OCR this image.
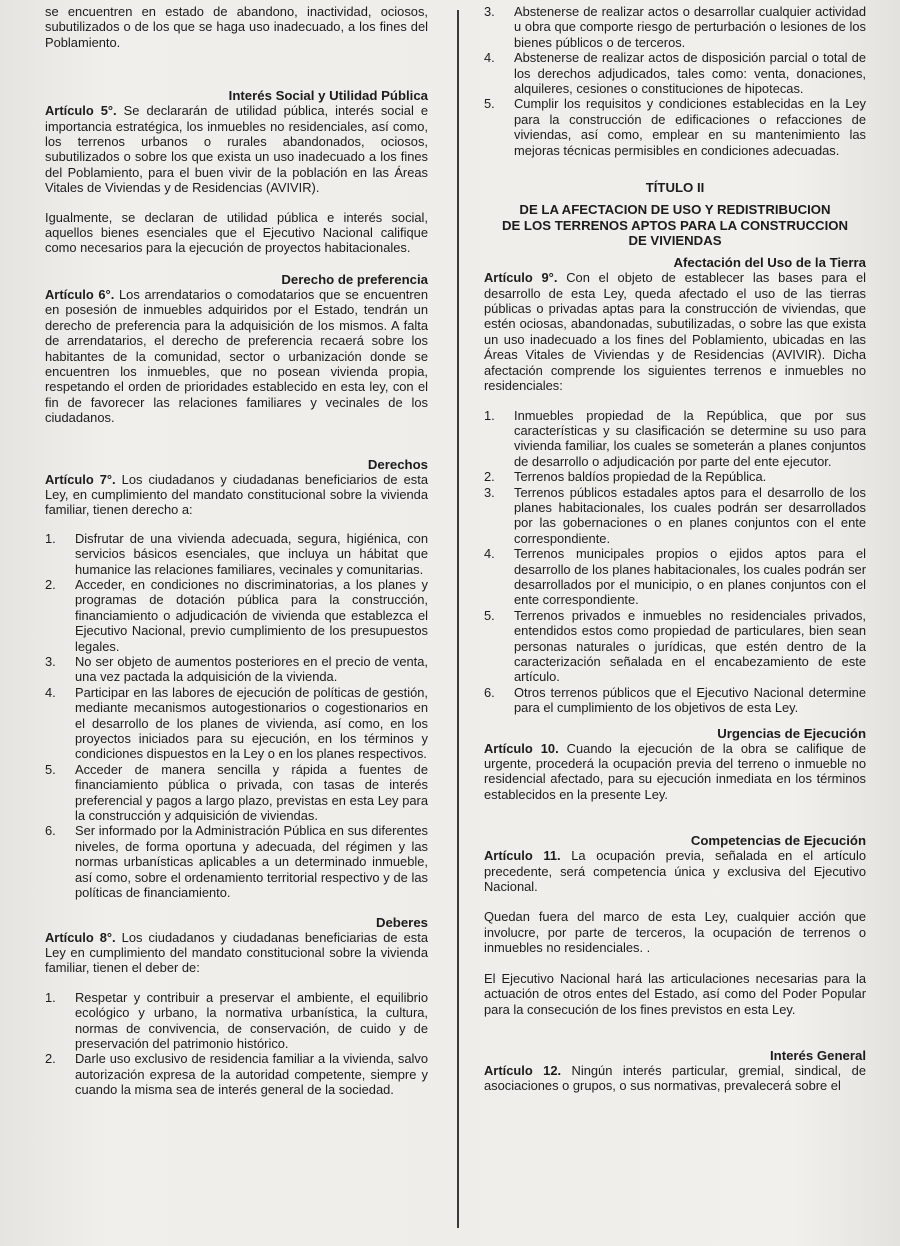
se encuentren en estado de abandono, inactividad, ociosos, subutilizados o de los que se haga uso inadecuado, a los fines del Poblamiento.

Interés Social y Utilidad Pública

Artículo 5°. Se declararán de utilidad pública, interés social e importancia estratégica, los inmuebles no residenciales, así como, los terrenos urbanos o rurales abandonados, ociosos, subutilizados o sobre los que exista un uso inadecuado a los fines del Poblamiento, para el buen vivir de la población en las Áreas Vitales de Viviendas y de Residencias (AVIVIR).

Igualmente, se declaran de utilidad pública e interés social, aquellos bienes esenciales que el Ejecutivo Nacional califique como necesarios para la ejecución de proyectos habitacionales.

Derecho de preferencia

Artículo 6°. Los arrendatarios o comodatarios que se encuentren en posesión de inmuebles adquiridos por el Estado, tendrán un derecho de preferencia para la adquisición de los mismos. A falta de arrendatarios, el derecho de preferencia recaerá sobre los habitantes de la comunidad, sector o urbanización donde se encuentren los inmuebles, que no posean vivienda propia, respetando el orden de prioridades establecido en esta ley, con el fin de favorecer las relaciones familiares y vecinales de los ciudadanos.

Derechos

Artículo 7°. Los ciudadanos y ciudadanas beneficiarios de esta Ley, en cumplimiento del mandato constitucional sobre la vivienda familiar, tienen derecho a:

1. Disfrutar de una vivienda adecuada, segura, higiénica, con servicios básicos esenciales, que incluya un hábitat que humanice las relaciones familiares, vecinales y comunitarias.
2. Acceder, en condiciones no discriminatorias, a los planes y programas de dotación pública para la construcción, financiamiento o adjudicación de vivienda que establezca el Ejecutivo Nacional, previo cumplimiento de los presupuestos legales.
3. No ser objeto de aumentos posteriores en el precio de venta, una vez pactada la adquisición de la vivienda.
4. Participar en las labores de ejecución de políticas de gestión, mediante mecanismos autogestionarios o cogestionarios en el desarrollo de los planes de vivienda, así como, en los proyectos iniciados para su ejecución, en los términos y condiciones dispuestos en la Ley o en los planes respectivos.
5. Acceder de manera sencilla y rápida a fuentes de financiamiento pública o privada, con tasas de interés preferencial y pagos a largo plazo, previstas en esta Ley para la construcción y adquisición de viviendas.
6. Ser informado por la Administración Pública en sus diferentes niveles, de forma oportuna y adecuada, del régimen y las normas urbanísticas aplicables a un determinado inmueble, así como, sobre el ordenamiento territorial respectivo y de las políticas de financiamiento.

Deberes

Artículo 8°. Los ciudadanos y ciudadanas beneficiarias de esta Ley en cumplimiento del mandato constitucional sobre la vivienda familiar, tienen el deber de:

1. Respetar y contribuir a preservar el ambiente, el equilibrio ecológico y urbano, la normativa urbanística, la cultura, normas de convivencia, de conservación, de cuido y de preservación del patrimonio histórico.
2. Darle uso exclusivo de residencia familiar a la vivienda, salvo autorización expresa de la autoridad competente, siempre y cuando la misma sea de interés general de la sociedad.
3. Abstenerse de realizar actos o desarrollar cualquier actividad u obra que comporte riesgo de perturbación o lesiones de los bienes públicos o de terceros.
4. Abstenerse de realizar actos de disposición parcial o total de los derechos adjudicados, tales como: venta, donaciones, alquileres, cesiones o constituciones de hipotecas.
5. Cumplir los requisitos y condiciones establecidas en la Ley para la construcción de edificaciones o refacciones de viviendas, así como, emplear en su mantenimiento las mejoras técnicas permisibles en condiciones adecuadas.

TÍTULO II

DE LA AFECTACION DE USO Y REDISTRIBUCION

DE LOS TERRENOS APTOS PARA LA CONSTRUCCION

DE VIVIENDAS

Afectación del Uso de la Tierra

Artículo 9°. Con el objeto de establecer las bases para el desarrollo de esta Ley, queda afectado el uso de las tierras públicas o privadas aptas para la construcción de viviendas, que estén ociosas, abandonadas, subutilizadas, o sobre las que exista un uso inadecuado a los fines del Poblamiento, ubicadas en las Áreas Vitales de Viviendas y de Residencias (AVIVIR). Dicha afectación comprende los siguientes terrenos e inmuebles no residenciales:

1. Inmuebles propiedad de la República, que por sus características y su clasificación se determine su uso para vivienda familiar, los cuales se someterán a planes conjuntos de desarrollo o adjudicación por parte del ente ejecutor.
2. Terrenos baldíos propiedad de la República.
3. Terrenos públicos estadales aptos para el desarrollo de los planes habitacionales, los cuales podrán ser desarrollados por las gobernaciones o en planes conjuntos con el ente correspondiente.
4. Terrenos municipales propios o ejidos aptos para el desarrollo de los planes habitacionales, los cuales podrán ser desarrollados por el municipio, o en planes conjuntos con el ente correspondiente.
5. Terrenos privados e inmuebles no residenciales privados, entendidos estos como propiedad de particulares, bien sean personas naturales o jurídicas, que estén dentro de la caracterización señalada en el encabezamiento de este artículo.
6. Otros terrenos públicos que el Ejecutivo Nacional determine para el cumplimiento de los objetivos de esta Ley.

Urgencias de Ejecución

Artículo 10. Cuando la ejecución de la obra se califique de urgente, procederá la ocupación previa del terreno o inmueble no residencial afectado, para su ejecución inmediata en los términos establecidos en la presente Ley.

Competencias de Ejecución

Artículo 11. La ocupación previa, señalada en el artículo precedente, será competencia única y exclusiva del Ejecutivo Nacional.

Quedan fuera del marco de esta Ley, cualquier acción que involucre, por parte de terceros, la ocupación de terrenos o inmuebles no residenciales. .

El Ejecutivo Nacional hará las articulaciones necesarias para la actuación de otros entes del Estado, así como del Poder Popular para la consecución de los fines previstos en esta Ley.

Interés General

Artículo 12. Ningún interés particular, gremial, sindical, de asociaciones o grupos, o sus normativas, prevalecerá sobre el
